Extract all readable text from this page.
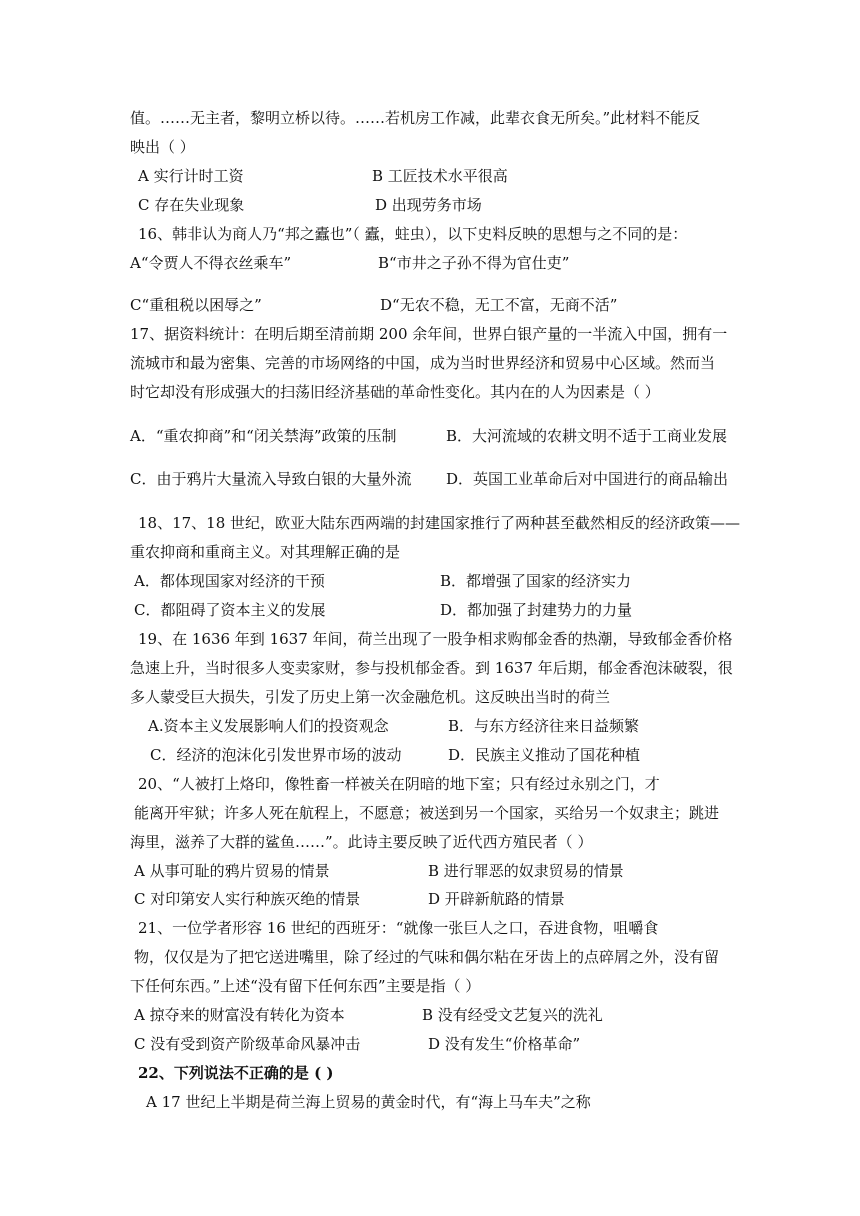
值。……无主者，黎明立桥以待。……若机房工作减，此辈衣食无所矣。”此材料不能反
映出（ ）
A 实行计时工资	B 工匠技术水平很高
C 存在失业现象	D 出现劳务市场
16、韩非认为商人乃“邦之蠹也”（ 蠹，蛀虫），以下史料反映的思想与之不同的是：
A“令贾人不得衣丝乘车”	B“市井之子孙不得为官仕吏”
C“重租税以困辱之”	D“无农不稳，无工不富，无商不活”
17、据资料统计：在明后期至清前期 200 余年间，世界白银产量的一半流入中国，拥有一
流城市和最为密集、完善的市场网络的中国，成为当时世界经济和贸易中心区域。然而当
时它却没有形成强大的扫荡旧经济基础的革命性变化。其内在的人为因素是（ ）
A．“重农抑商”和“闭关禁海”政策的压制	B．大河流域的农耕文明不适于工商业发展
C．由于鸦片大量流入导致白银的大量外流 D．英国工业革命后对中国进行的商品输出
18、17、18 世纪，欧亚大陆东西两端的封建国家推行了两种甚至截然相反的经济政策——
重农抑商和重商主义。对其理解正确的是
A．都体现国家对经济的干预	B．都增强了国家的经济实力
C．都阻碍了资本主义的发展	D．都加强了封建势力的力量
19、在 1636 年到 1637 年间，荷兰出现了一股争相求购郁金香的热潮，导致郁金香价格
急速上升，当时很多人变卖家财，参与投机郁金香。到 1637 年后期，郁金香泡沫破裂，很
多人蒙受巨大损失，引发了历史上第一次金融危机。这反映出当时的荷兰
A.资本主义发展影响人们的投资观念	B．与东方经济往来日益频繁
C．经济的泡沫化引发世界市场的波动	D．民族主义推动了国花种植
20、“人被打上烙印，像牲畜一样被关在阴暗的地下室；只有经过永别之门，才
能离开牢狱；许多人死在航程上，不愿意；被送到另一个国家，买给另一个奴隶主；跳进
海里，滋养了大群的鲨鱼……”。此诗主要反映了近代西方殖民者（ ）
A 从事可耻的鸦片贸易的情景	B 进行罪恶的奴隶贸易的情景
C 对印第安人实行种族灭绝的情景	D 开辟新航路的情景
21、一位学者形容 16 世纪的西班牙：“就像一张巨人之口，吞进食物，咀嚼食
物，仅仅是为了把它送进嘴里，除了经过的气味和偶尔粘在牙齿上的点碎屑之外，没有留
下任何东西。”上述“没有留下任何东西”主要是指（ ）
A 掠夺来的财富没有转化为资本	B 没有经受文艺复兴的洗礼
C 没有受到资产阶级革命风暴冲击	D 没有发生“价格革命”
22、下列说法不正确的是 ( )
A 17 世纪上半期是荷兰海上贸易的黄金时代，有“海上马车夫”之称
